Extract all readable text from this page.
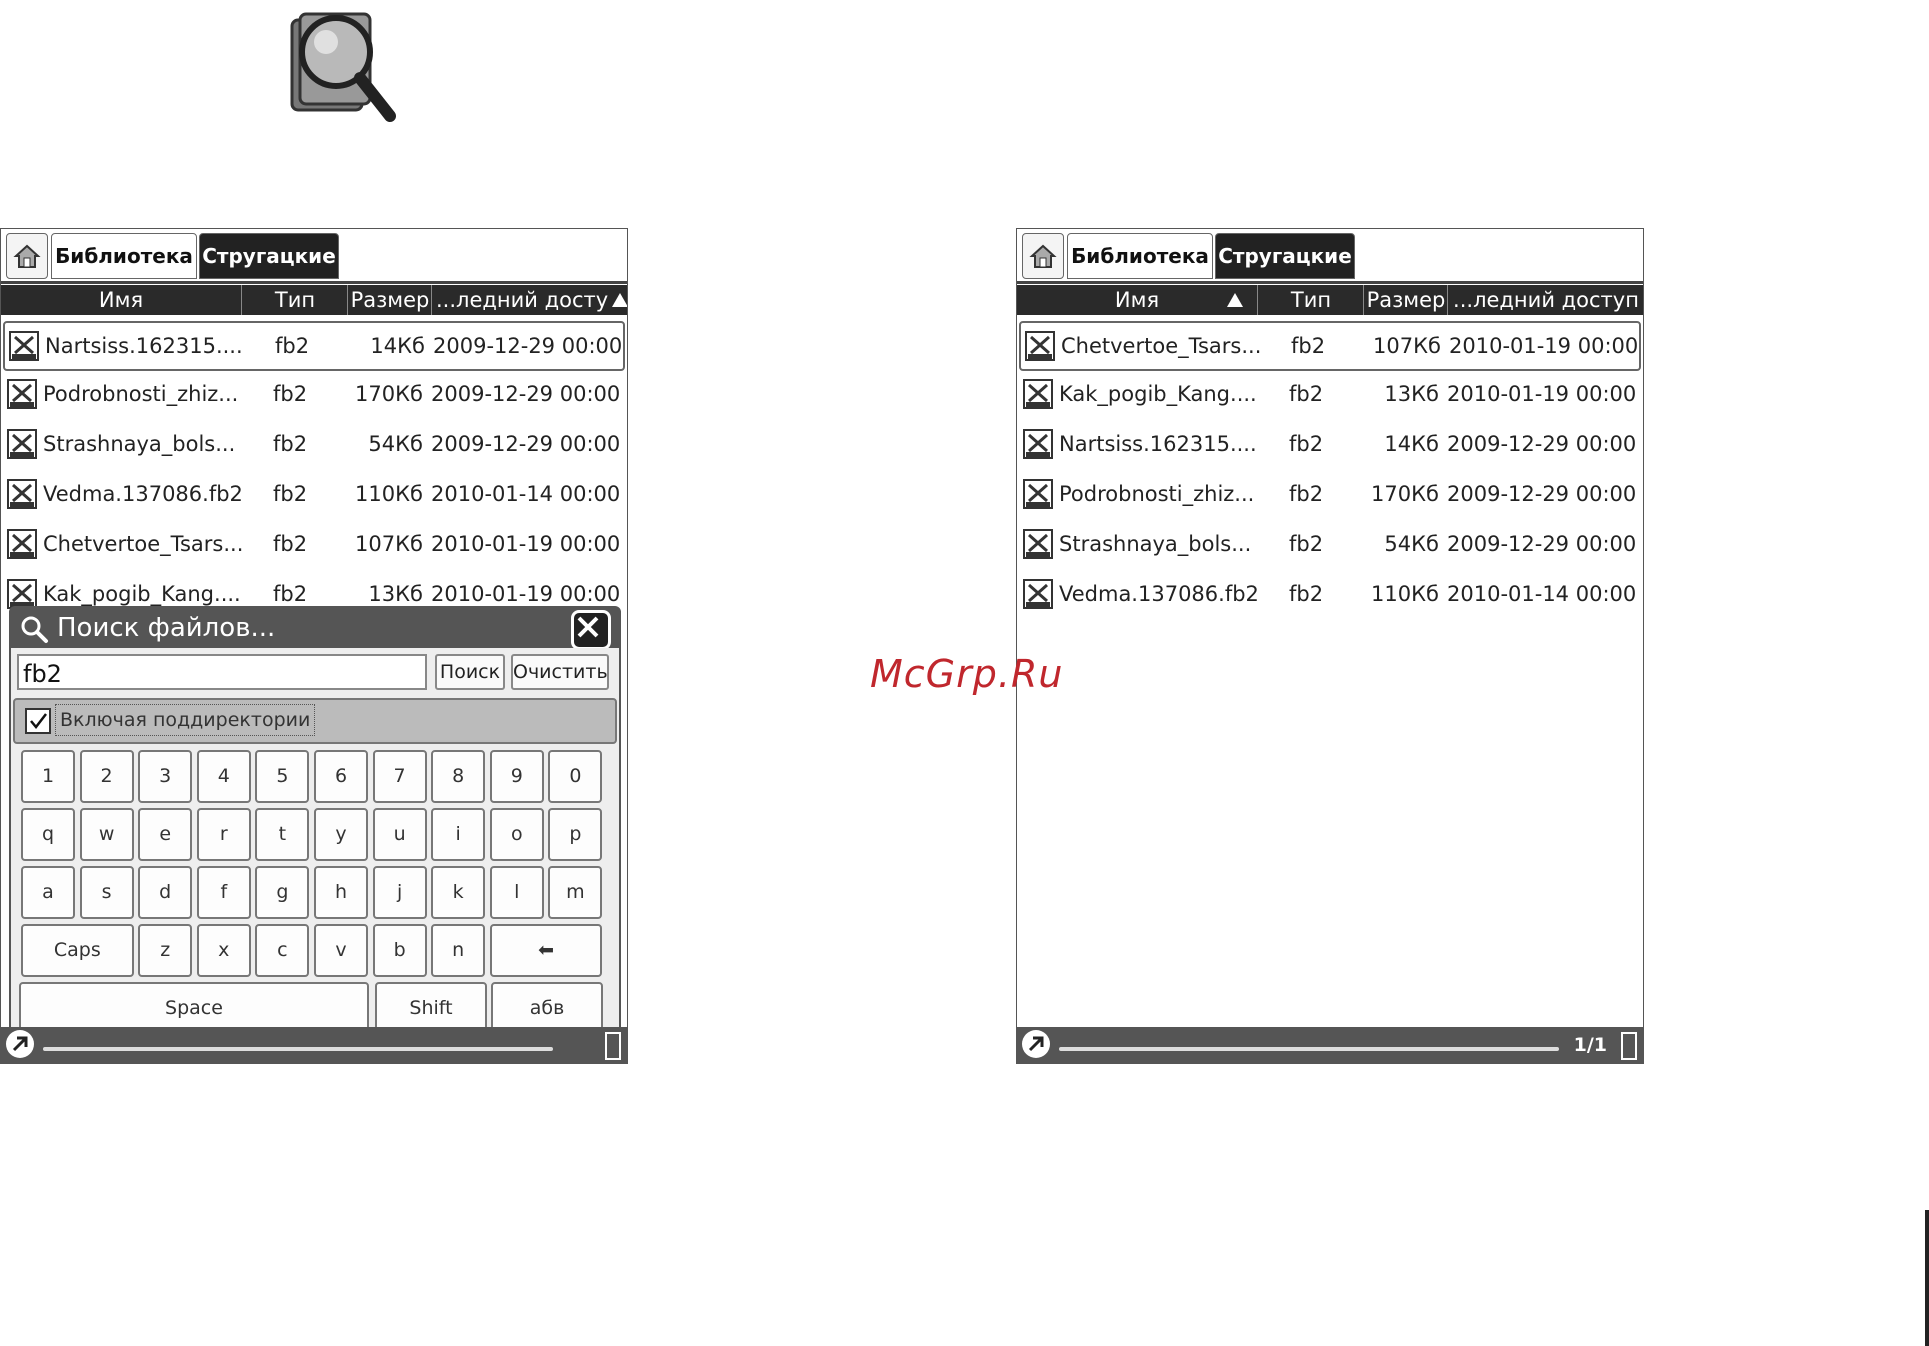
Библиотека Стругацкие
Имя	Тип	Размер ...ледний досту
Nartsiss.162315.... fb2	14Кб 2009-12-29 00:00
Podrobnosti_zhiz... fb2	170Кб 2009-12-29 00:00
Strashnaya_bols...	fb2	54Кб 2009-12-29 00:00
Vedma.137086.fb2 fb2	110Кб 2010-01-14 00:00
Chetvertoe_Tsars... fb2	107Кб 2010-01-19 00:00
Kak_pogib_Kang.... fb2	13Кб 2010-01-19 00:00
Поиск файлов...
fb2	Поиск Очистить
Включая поддиректории
1	2	3	4	5	6	7	8	9	0
q	w	e	r	t	y	u	i	o	p
a	s	d	f	g	h	j	k	l	m
Caps	z	x	c	v	b	n	⬅
Space	Shift	абв
Библиотека Стругацкие
Имя	Тип	Размер ...ледний доступ
Chetvertoe_Tsars... fb2	107Кб 2010-01-19 00:00
Kak_pogib_Kang.... fb2	13Кб 2010-01-19 00:00
Nartsiss.162315.... fb2	14Кб 2009-12-29 00:00
Podrobnosti_zhiz... fb2	170Кб 2009-12-29 00:00
Strashnaya_bols...	fb2	54Кб 2009-12-29 00:00
Vedma.137086.fb2 fb2	110Кб 2010-01-14 00:00
1/1
McGrp.Ru
